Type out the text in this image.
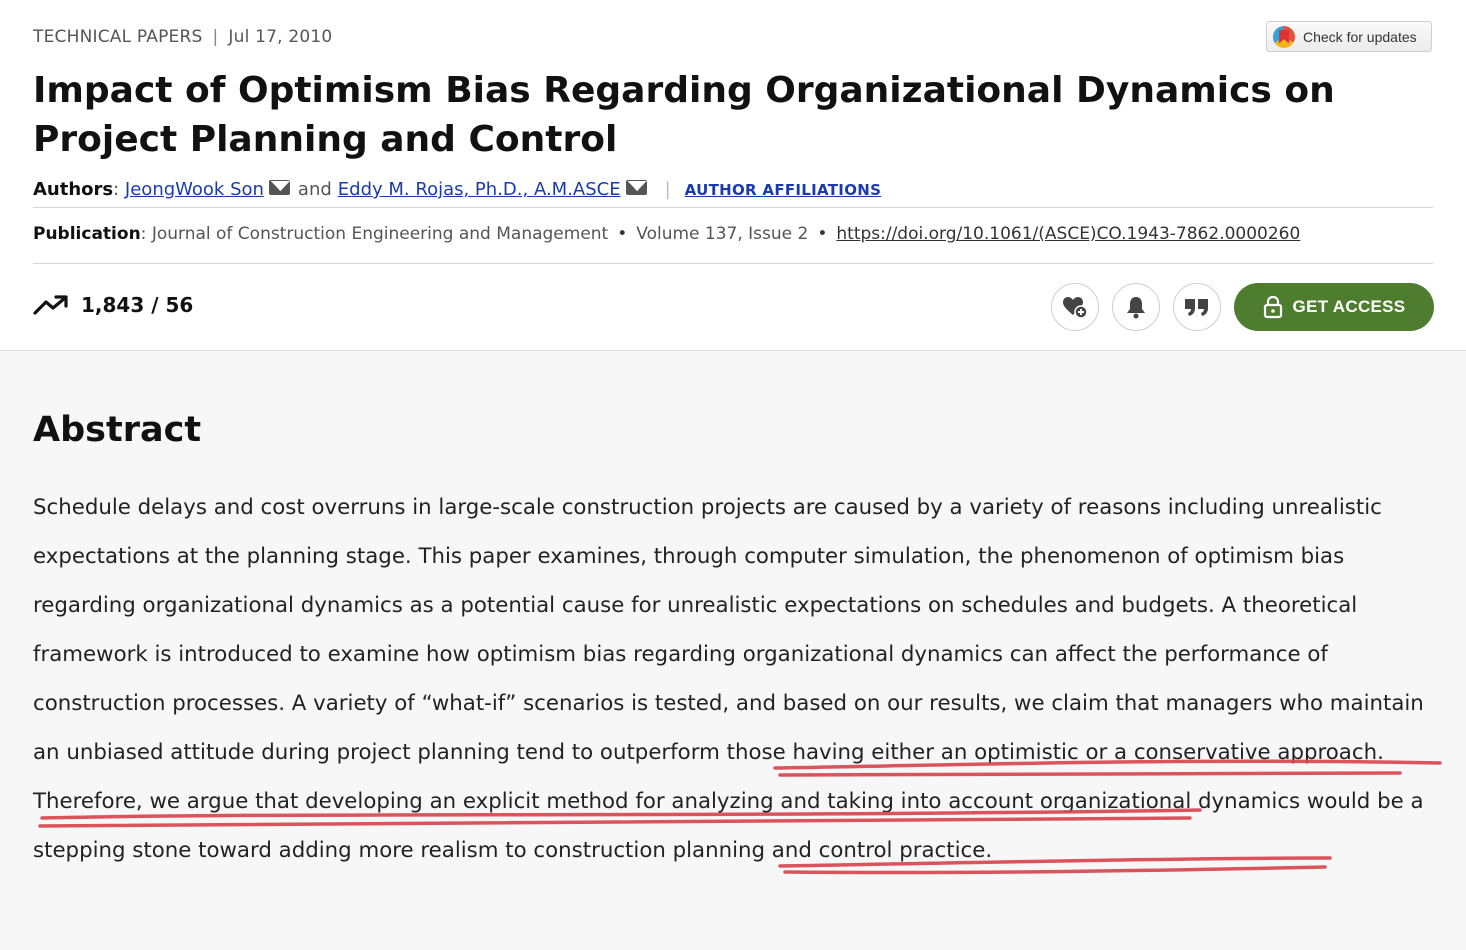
TECHNICAL PAPERS | Jul 17, 2010	Check for updates
Impact of Optimism Bias Regarding Organizational Dynamics on Project Planning and Control
Authors : JeongWook Son and Eddy M. Rojas, Ph.D., A.M.ASCE | AUTHOR AFFILIATIONS
Publication: Journal of Construction Engineering and Management • Volume 137, Issue 2 • https://doi.org/10.1061/(ASCE)CO.1943-7862.0000260
1,843 / 56	GET ACCESS
Abstract

Schedule delays and cost overruns in large-scale construction projects are caused by a variety of reasons including unrealistic expectations at the planning stage. This paper examines, through computer simulation, the phenomenon of optimism bias regarding organizational dynamics as a potential cause for unrealistic expectations on schedules and budgets. A theoretical framework is introduced to examine how optimism bias regarding organizational dynamics can affect the performance of construction processes. A variety of “what-if” scenarios is tested, and based on our results, we claim that managers who maintain an unbiased attitude during project planning tend to outperform those having either an optimistic or a conservative approach. Therefore, we argue that developing an explicit method for analyzing and taking into account organizational dynamics would be a stepping stone toward adding more realism to construction planning and control practice.
